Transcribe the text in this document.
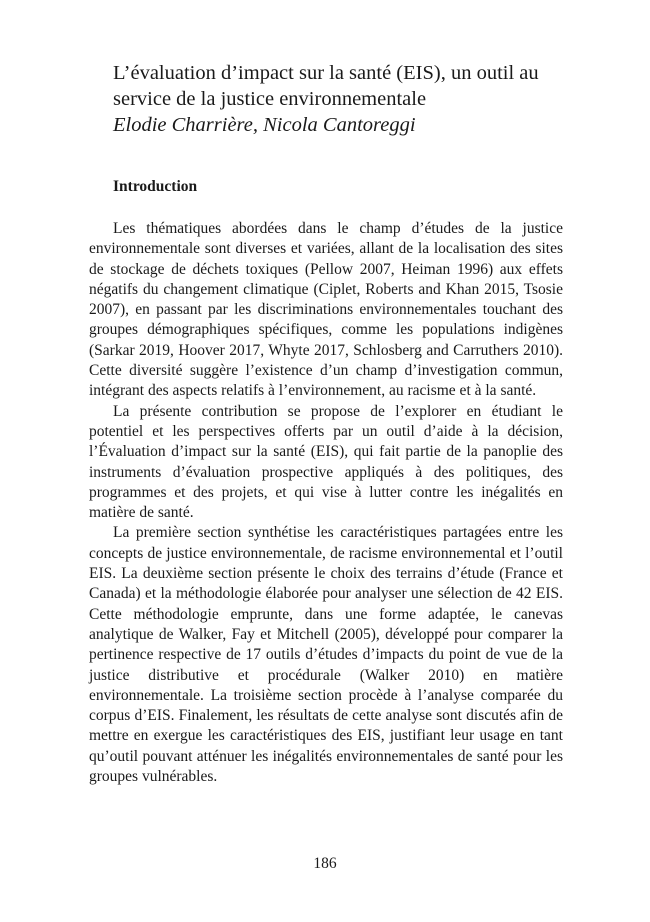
L’évaluation d’impact sur la santé (EIS), un outil au
service de la justice environnementale
Elodie Charrière, Nicola Cantoreggi
Introduction

Les thématiques abordées dans le champ d’études de la justice environnementale sont diverses et variées, allant de la localisation des sites de stockage de déchets toxiques (Pellow 2007, Heiman 1996) aux effets négatifs du changement climatique (Ciplet, Roberts and Khan 2015, Tsosie 2007), en passant par les discriminations environnementales touchant des groupes démographiques spécifiques, comme les populations indigènes (Sarkar 2019, Hoover 2017, Whyte 2017, Schlosberg and Carruthers 2010). Cette diversité suggère l’existence d’un champ d’investigation commun, intégrant des aspects relatifs à l’environnement, au racisme et à la santé.

La présente contribution se propose de l’explorer en étudiant le potentiel et les perspectives offerts par un outil d’aide à la décision, l’Évaluation d’impact sur la santé (EIS), qui fait partie de la panoplie des instruments d’évaluation prospective appliqués à des politiques, des programmes et des projets, et qui vise à lutter contre les inégalités en matière de santé.

La première section synthétise les caractéristiques partagées entre les concepts de justice environnementale, de racisme environnemental et l’outil EIS. La deuxième section présente le choix des terrains d’étude (France et Canada) et la méthodologie élaborée pour analyser une sélection de 42 EIS. Cette méthodologie emprunte, dans une forme adaptée, le canevas analytique de Walker, Fay et Mitchell (2005), développé pour comparer la pertinence respective de 17 outils d’études d’impacts du point de vue de la justice distributive et procédurale (Walker 2010) en matière environnementale. La troisième section procède à l’analyse comparée du corpus d’EIS. Finalement, les résultats de cette analyse sont discutés afin de mettre en exergue les caractéristiques des EIS, justifiant leur usage en tant qu’outil pouvant atténuer les inégalités environnementales de santé pour les groupes vulnérables.

186
